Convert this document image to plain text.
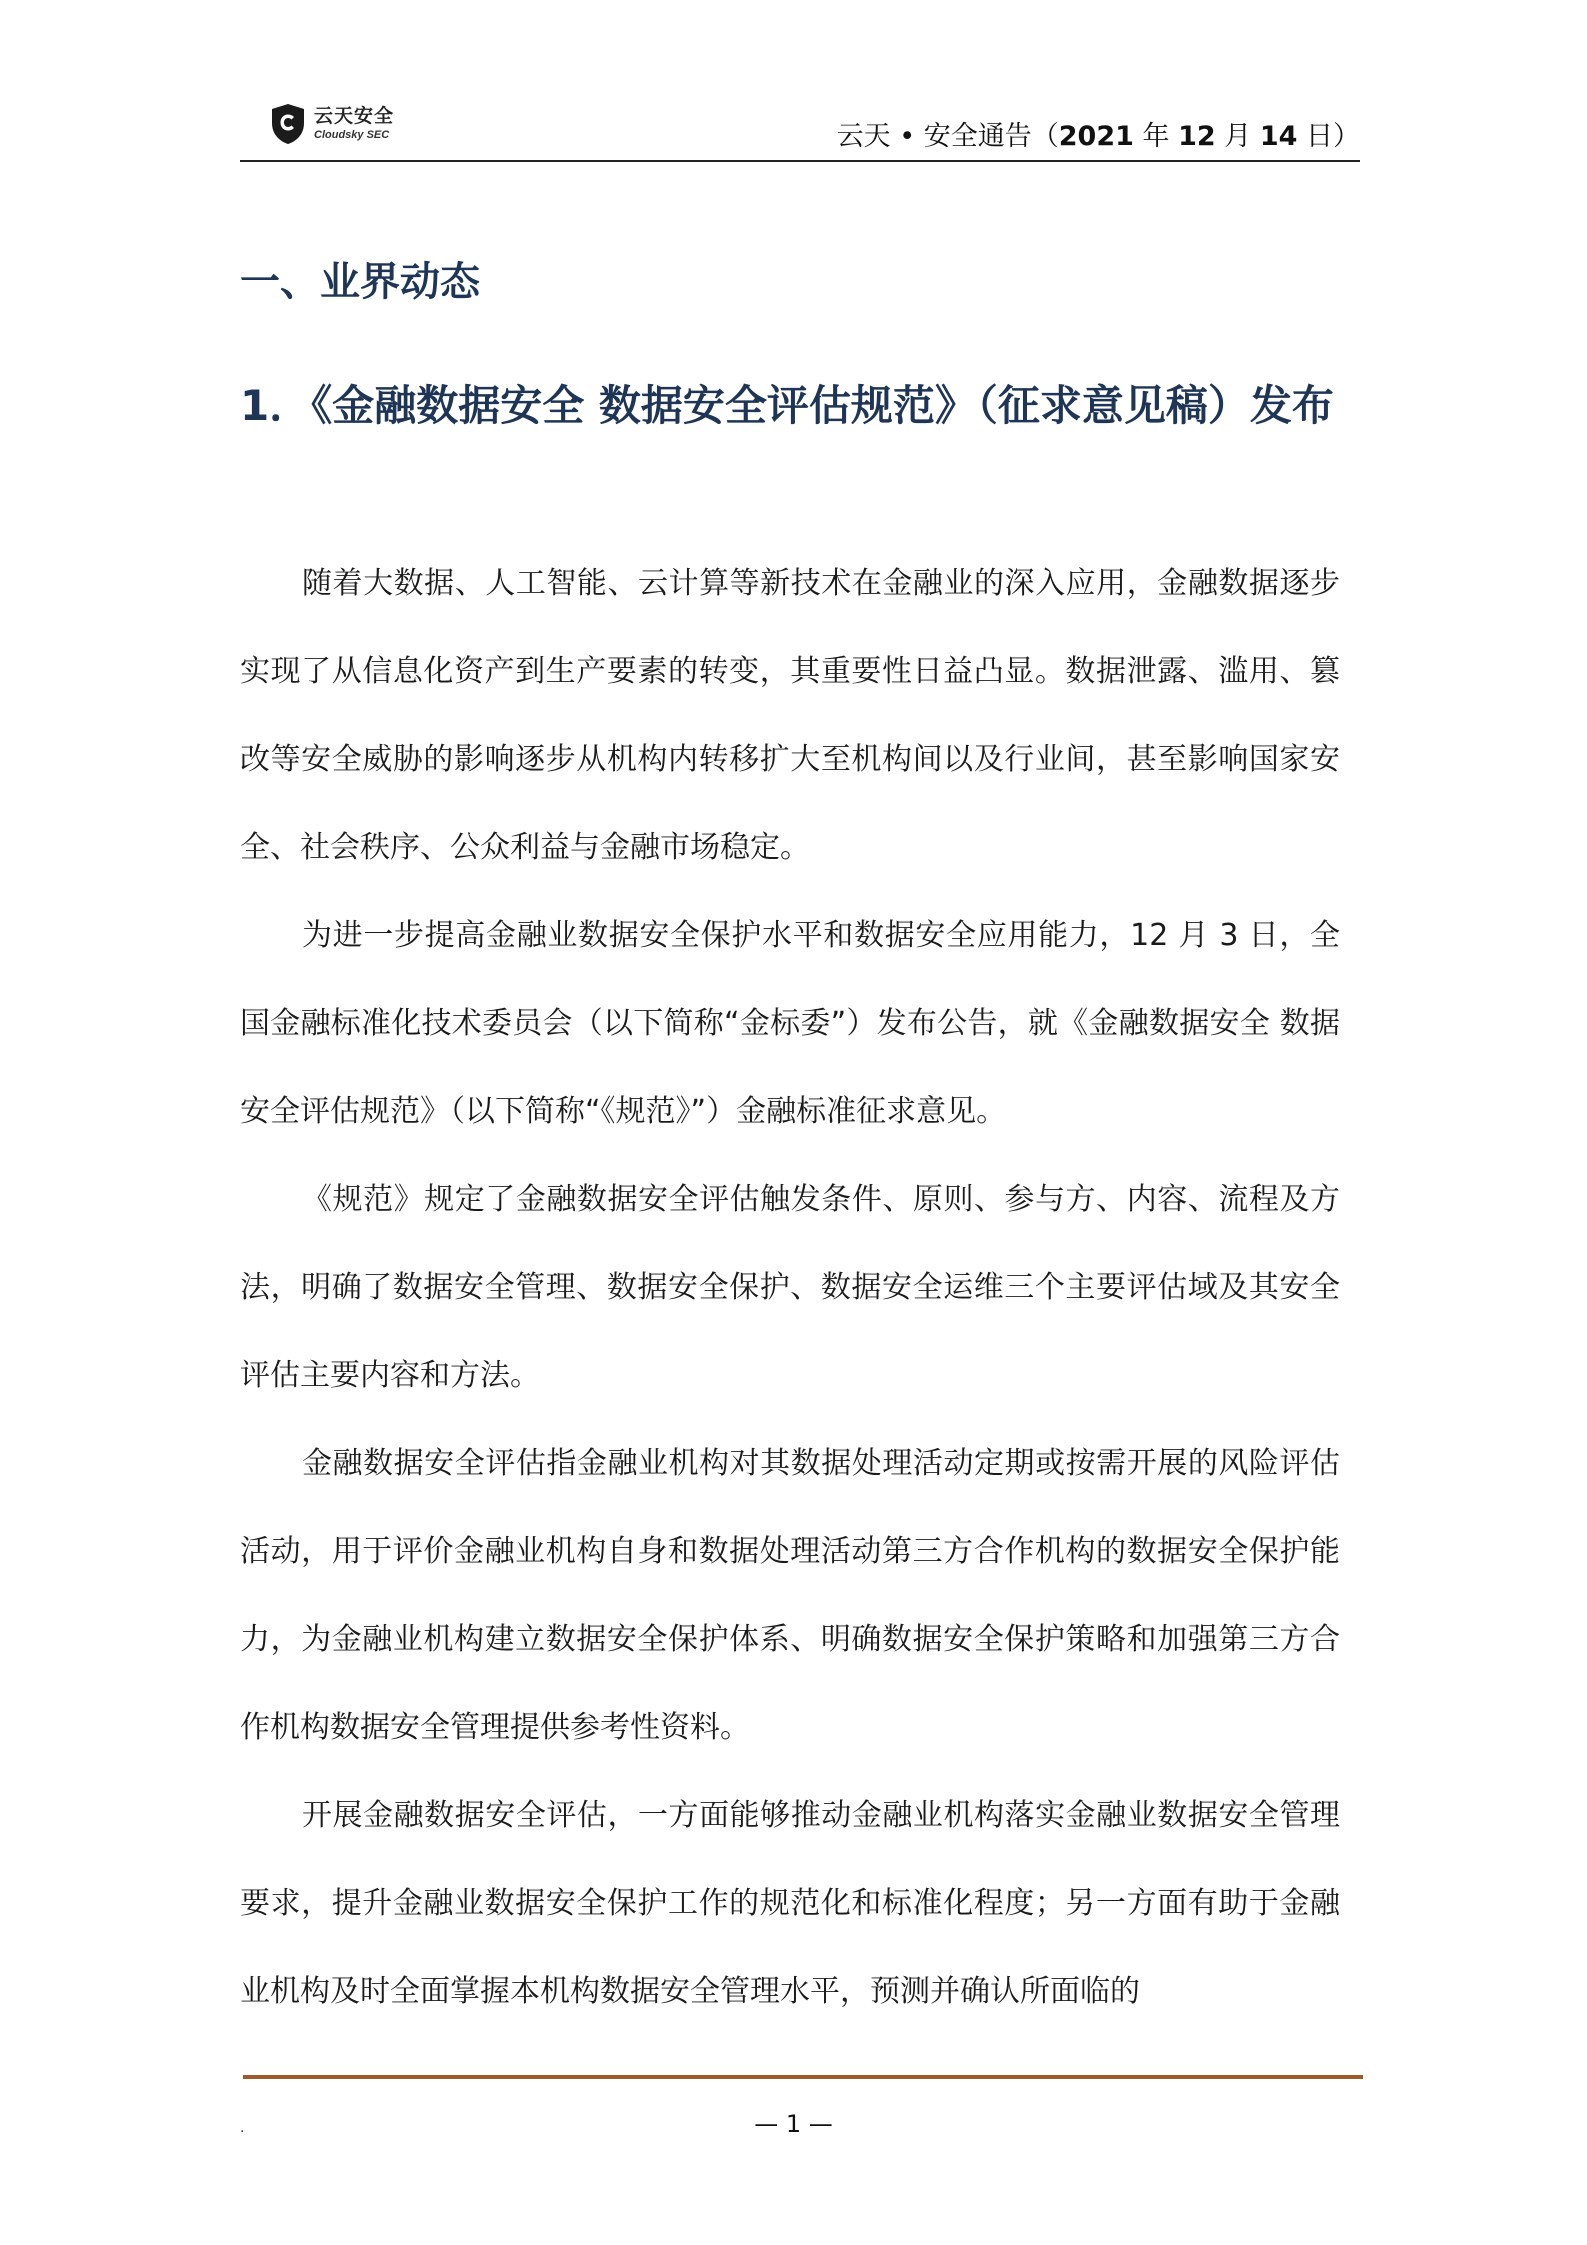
云天安全
Cloudsky SEC	云天 • 安全通告（2021 年 12 月 14 日）
一、业界动态
1．《金融数据安全 数据安全评估规范》（征求意见稿）发布

随着大数据、人工智能、云计算等新技术在金融业的深入应用，金融数据逐步实现了从信息化资产到生产要素的转变，其重要性日益凸显。数据泄露、滥用、篡改等安全威胁的影响逐步从机构内转移扩大至机构间以及行业间，甚至影响国家安全、社会秩序、公众利益与金融市场稳定。

为进一步提高金融业数据安全保护水平和数据安全应用能力，12 月 3 日，全国金融标准化技术委员会（以下简称“金标委”）发布公告，就《金融数据安全 数据安全评估规范》（以下简称“《规范》”）金融标准征求意见。

《规范》规定了金融数据安全评估触发条件、原则、参与方、内容、流程及方法，明确了数据安全管理、数据安全保护、数据安全运维三个主要评估域及其安全评估主要内容和方法。

金融数据安全评估指金融业机构对其数据处理活动定期或按需开展的风险评估活动，用于评价金融业机构自身和数据处理活动第三方合作机构的数据安全保护能力，为金融业机构建立数据安全保护体系、明确数据安全保护策略和加强第三方合作机构数据安全管理提供参考性资料。

开展金融数据安全评估，一方面能够推动金融业机构落实金融业数据安全管理要求，提升金融业数据安全保护工作的规范化和标准化程度；另一方面有助于金融业机构及时全面掌握本机构数据安全管理水平，预测并确认所面临的

.	— 1 —
